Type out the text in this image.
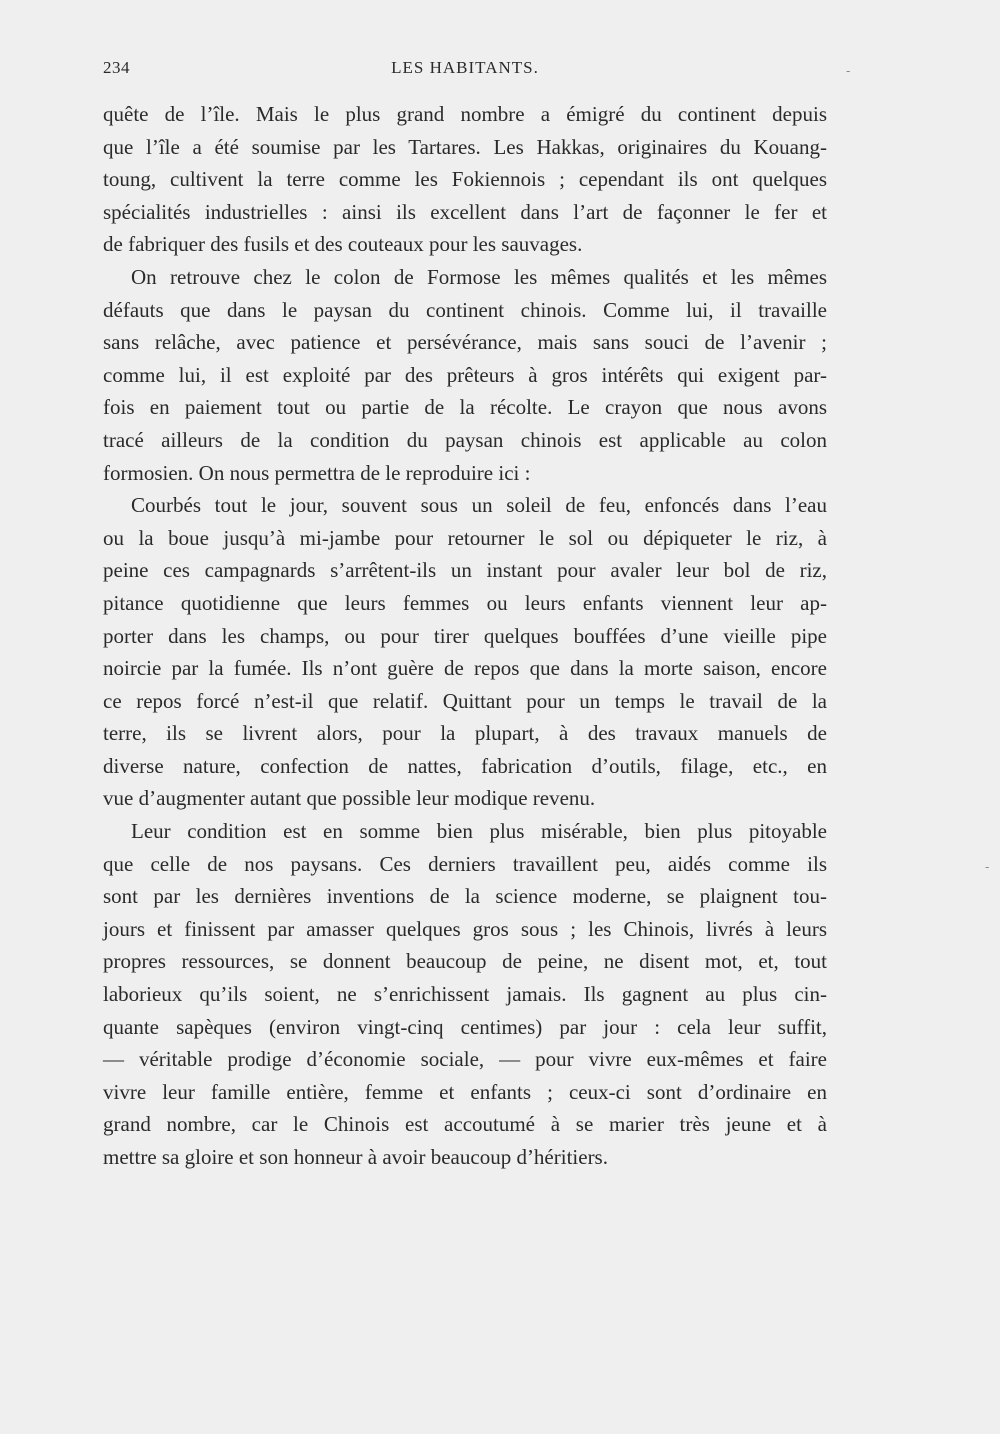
234	LES HABITANTS.
quête de l’île. Mais le plus grand nombre a émigré du continent depuis
que l’île a été soumise par les Tartares. Les Hakkas, originaires du Kouang-
toung, cultivent la terre comme les Fokiennois ; cependant ils ont quelques
spécialités industrielles : ainsi ils excellent dans l’art de façonner le fer et
de fabriquer des fusils et des couteaux pour les sauvages.
On retrouve chez le colon de Formose les mêmes qualités et les mêmes
défauts que dans le paysan du continent chinois. Comme lui, il travaille
sans relâche, avec patience et persévérance, mais sans souci de l’avenir ;
comme lui, il est exploité par des prêteurs à gros intérêts qui exigent par-
fois en paiement tout ou partie de la récolte. Le crayon que nous avons
tracé ailleurs de la condition du paysan chinois est applicable au colon
formosien. On nous permettra de le reproduire ici :
Courbés tout le jour, souvent sous un soleil de feu, enfoncés dans l’eau
ou la boue jusqu’à mi-jambe pour retourner le sol ou dépiqueter le riz, à
peine ces campagnards s’arrêtent-ils un instant pour avaler leur bol de riz,
pitance quotidienne que leurs femmes ou leurs enfants viennent leur ap-
porter dans les champs, ou pour tirer quelques bouffées d’une vieille pipe
noircie par la fumée. Ils n’ont guère de repos que dans la morte saison, encore
ce repos forcé n’est-il que relatif. Quittant pour un temps le travail de la
terre, ils se livrent alors, pour la plupart, à des travaux manuels de
diverse nature, confection de nattes, fabrication d’outils, filage, etc., en
vue d’augmenter autant que possible leur modique revenu.
Leur condition est en somme bien plus misérable, bien plus pitoyable
que celle de nos paysans. Ces derniers travaillent peu, aidés comme ils
sont par les dernières inventions de la science moderne, se plaignent tou-
jours et finissent par amasser quelques gros sous ; les Chinois, livrés à leurs
propres ressources, se donnent beaucoup de peine, ne disent mot, et, tout
laborieux qu’ils soient, ne s’enrichissent jamais. Ils gagnent au plus cin-
quante sapèques (environ vingt-cinq centimes) par jour : cela leur suffit,
— véritable prodige d’économie sociale, — pour vivre eux-mêmes et faire
vivre leur famille entière, femme et enfants ; ceux-ci sont d’ordinaire en
grand nombre, car le Chinois est accoutumé à se marier très jeune et à
mettre sa gloire et son honneur à avoir beaucoup d’héritiers.
-
-
